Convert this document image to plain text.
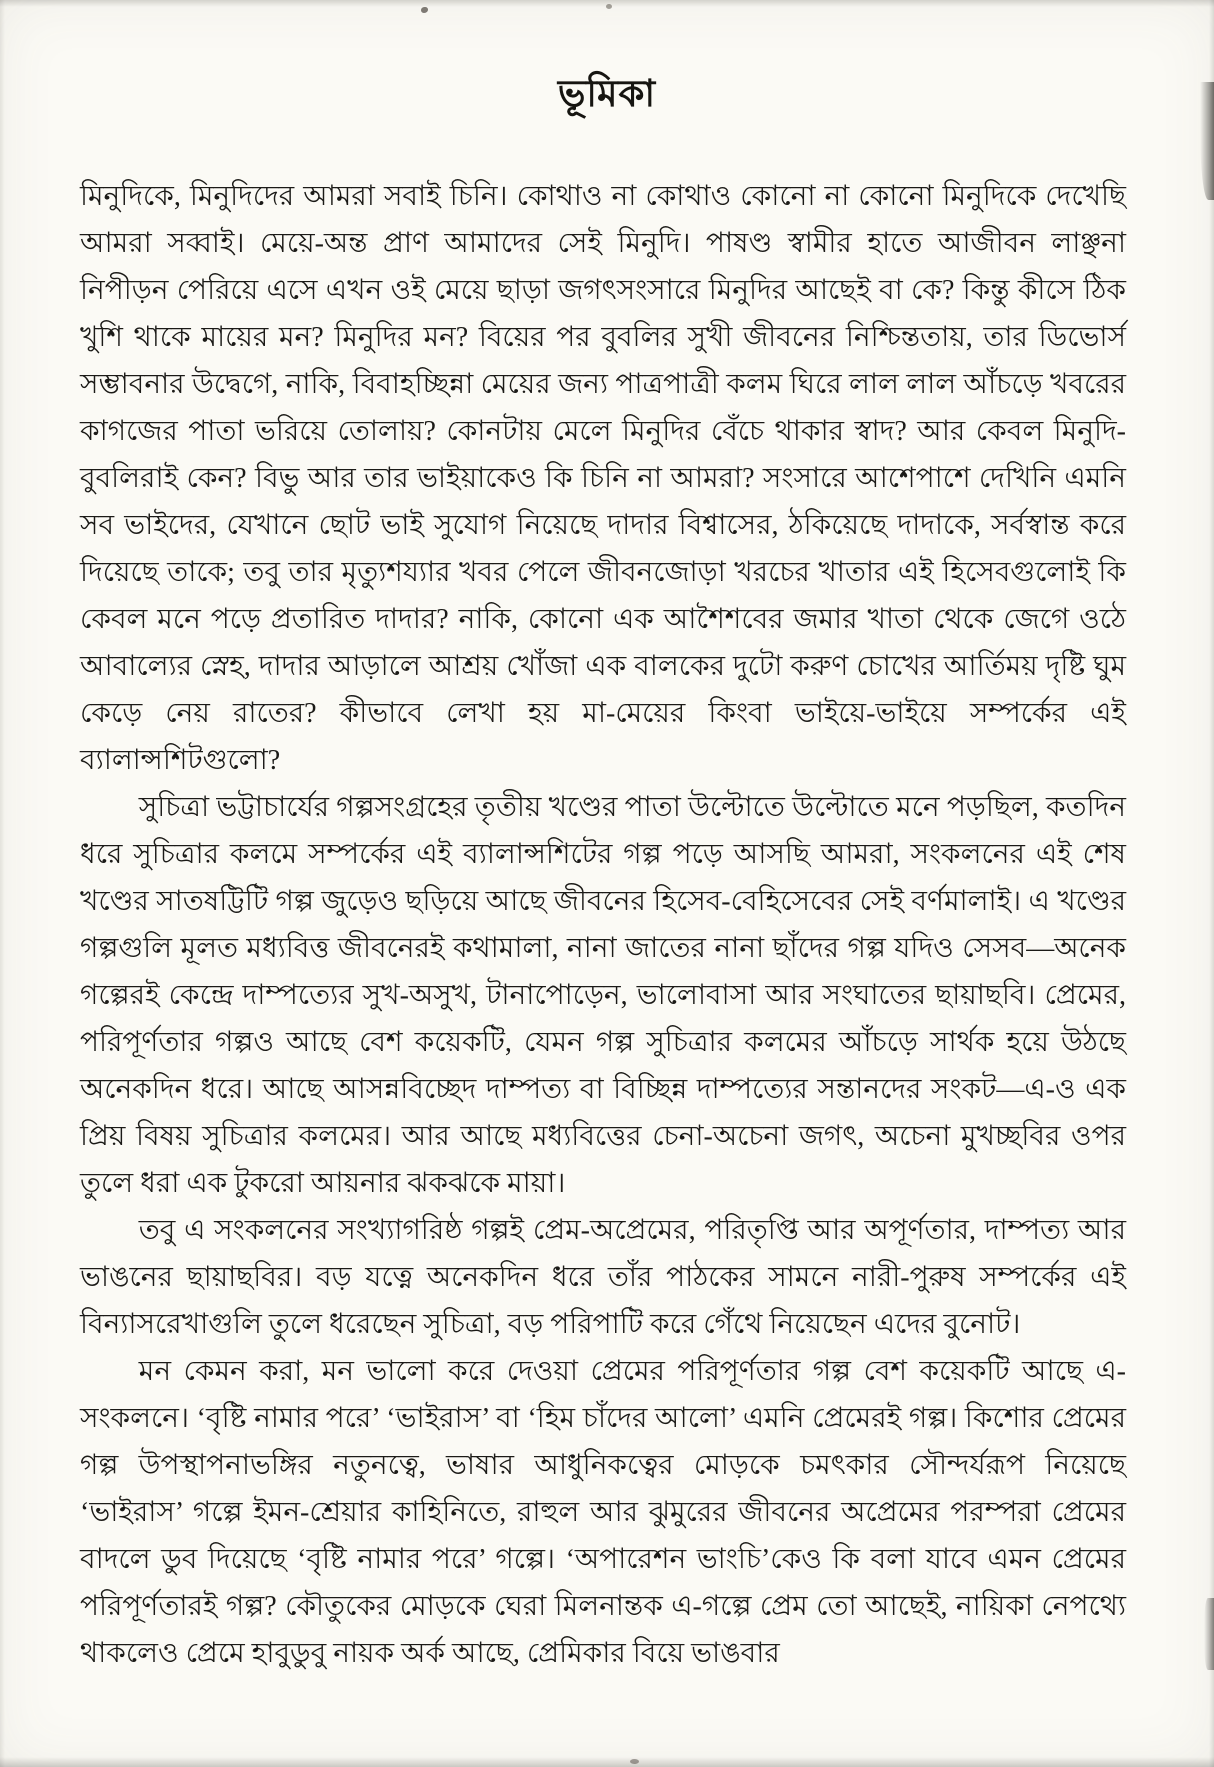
ভূমিকা

মিনুদিকে, মিনুদিদের আমরা সবাই চিনি। কোথাও না কোথাও কোনো না কোনো মিনুদিকে দেখেছি আমরা সব্বাই। মেয়ে-অন্ত প্রাণ আমাদের সেই মিনুদি। পাষণ্ড স্বামীর হাতে আজীবন লাঞ্ছনা নিপীড়ন পেরিয়ে এসে এখন ওই মেয়ে ছাড়া জগৎসংসারে মিনুদির আছেই বা কে? কিন্তু কীসে ঠিক খুশি থাকে মায়ের মন? মিনুদির মন? বিয়ের পর বুবলির সুখী জীবনের নিশ্চিন্ততায়, তার ডিভোর্স সম্ভাবনার উদ্বেগে, নাকি, বিবাহচ্ছিন্না মেয়ের জন্য পাত্রপাত্রী কলম ঘিরে লাল লাল আঁচড়ে খবরের কাগজের পাতা ভরিয়ে তোলায়? কোনটায় মেলে মিনুদির বেঁচে থাকার স্বাদ? আর কেবল মিনুদি-বুবলিরাই কেন? বিভু আর তার ভাইয়াকেও কি চিনি না আমরা? সংসারে আশেপাশে দেখিনি এমনি সব ভাইদের, যেখানে ছোট ভাই সুযোগ নিয়েছে দাদার বিশ্বাসের, ঠকিয়েছে দাদাকে, সর্বস্বান্ত করে দিয়েছে তাকে; তবু তার মৃত্যুশয্যার খবর পেলে জীবনজোড়া খরচের খাতার এই হিসেবগুলোই কি কেবল মনে পড়ে প্রতারিত দাদার? নাকি, কোনো এক আশৈশবের জমার খাতা থেকে জেগে ওঠে আবাল্যের স্নেহ, দাদার আড়ালে আশ্রয় খোঁজা এক বালকের দুটো করুণ চোখের আর্তিময় দৃষ্টি ঘুম কেড়ে নেয় রাতের? কীভাবে লেখা হয় মা-মেয়ের কিংবা ভাইয়ে-ভাইয়ে সম্পর্কের এই ব্যালান্সশিটগুলো?

সুচিত্রা ভট্টাচার্যের গল্পসংগ্রহের তৃতীয় খণ্ডের পাতা উল্টোতে উল্টোতে মনে পড়ছিল, কতদিন ধরে সুচিত্রার কলমে সম্পর্কের এই ব্যালান্সশিটের গল্প পড়ে আসছি আমরা, সংকলনের এই শেষ খণ্ডের সাতষট্টিটি গল্প জুড়েও ছড়িয়ে আছে জীবনের হিসেব-বেহিসেবের সেই বর্ণমালাই। এ খণ্ডের গল্পগুলি মূলত মধ্যবিত্ত জীবনেরই কথামালা, নানা জাতের নানা ছাঁদের গল্প যদিও সেসব—অনেক গল্পেরই কেন্দ্রে দাম্পত্যের সুখ-অসুখ, টানাপোড়েন, ভালোবাসা আর সংঘাতের ছায়াছবি। প্রেমের, পরিপূর্ণতার গল্পও আছে বেশ কয়েকটি, যেমন গল্প সুচিত্রার কলমের আঁচড়ে সার্থক হয়ে উঠছে অনেকদিন ধরে। আছে আসন্নবিচ্ছেদ দাম্পত্য বা বিচ্ছিন্ন দাম্পত্যের সন্তানদের সংকট—এ-ও এক প্রিয় বিষয় সুচিত্রার কলমের। আর আছে মধ্যবিত্তের চেনা-অচেনা জগৎ, অচেনা মুখচ্ছবির ওপর তুলে ধরা এক টুকরো আয়নার ঝকঝকে মায়া।

তবু এ সংকলনের সংখ্যাগরিষ্ঠ গল্পই প্রেম-অপ্রেমের, পরিতৃপ্তি আর অপূর্ণতার, দাম্পত্য আর ভাঙনের ছায়াছবির। বড় যত্নে অনেকদিন ধরে তাঁর পাঠকের সামনে নারী-পুরুষ সম্পর্কের এই বিন্যাসরেখাগুলি তুলে ধরেছেন সুচিত্রা, বড় পরিপাটি করে গেঁথে নিয়েছেন এদের বুনোট।

মন কেমন করা, মন ভালো করে দেওয়া প্রেমের পরিপূর্ণতার গল্প বেশ কয়েকটি আছে এ-সংকলনে। ‘বৃষ্টি নামার পরে’ ‘ভাইরাস’ বা ‘হিম চাঁদের আলো’ এমনি প্রেমেরই গল্প। কিশোর প্রেমের গল্প উপস্থাপনাভঙ্গির নতুনত্বে, ভাষার আধুনিকত্বের মোড়কে চমৎকার সৌন্দর্যরূপ নিয়েছে ‘ভাইরাস’ গল্পে ইমন-শ্রেয়ার কাহিনিতে, রাহুল আর ঝুমুরের জীবনের অপ্রেমের পরম্পরা প্রেমের বাদলে ডুব দিয়েছে ‘বৃষ্টি নামার পরে’ গল্পে। ‘অপারেশন ভাংচি’কেও কি বলা যাবে এমন প্রেমের পরিপূর্ণতারই গল্প? কৌতুকের মোড়কে ঘেরা মিলনান্তক এ-গল্পে প্রেম তো আছেই, নায়িকা নেপথ্যে থাকলেও প্রেমে হাবুডুবু নায়ক অর্ক আছে, প্রেমিকার বিয়ে ভাঙবার
